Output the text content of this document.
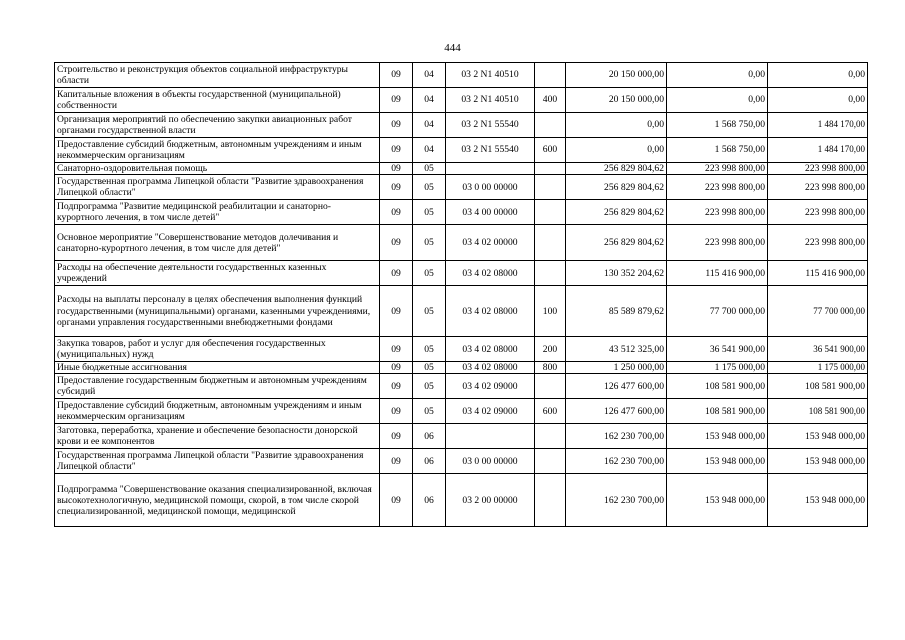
444
Строительство и реконструкция объектов социальной инфраструктуры области	09	04	03 2 N1 40510		20 150 000,00	0,00	0,00
Капитальные вложения в объекты государственной (муниципальной) собственности	09	04	03 2 N1 40510	400	20 150 000,00	0,00	0,00
Организация мероприятий по обеспечению закупки авиационных работ органами государственной власти	09	04	03 2 N1 55540		0,00	1 568 750,00	1 484 170,00
Предоставление субсидий бюджетным, автономным учреждениям и иным некоммерческим организациям	09	04	03 2 N1 55540	600	0,00	1 568 750,00	1 484 170,00
Санаторно-оздоровительная помощь	09	05			256 829 804,62	223 998 800,00	223 998 800,00
Государственная программа Липецкой области "Развитие здравоохранения Липецкой области"	09	05	03 0 00 00000		256 829 804,62	223 998 800,00	223 998 800,00
Подпрограмма "Развитие медицинской реабилитации и санаторно-курортного лечения, в том числе детей"	09	05	03 4 00 00000		256 829 804,62	223 998 800,00	223 998 800,00
Основное мероприятие "Совершенствование методов долечивания и санаторно-курортного лечения, в том числе для детей"	09	05	03 4 02 00000		256 829 804,62	223 998 800,00	223 998 800,00
Расходы на обеспечение деятельности государственных казенных учреждений	09	05	03 4 02 08000		130 352 204,62	115 416 900,00	115 416 900,00
Расходы на выплаты персоналу в целях обеспечения выполнения функций государственными (муниципальными) органами, казенными учреждениями, органами управления государственными внебюджетными фондами	09	05	03 4 02 08000	100	85 589 879,62	77 700 000,00	77 700 000,00
Закупка товаров, работ и услуг для обеспечения государственных (муниципальных) нужд	09	05	03 4 02 08000	200	43 512 325,00	36 541 900,00	36 541 900,00
Иные бюджетные ассигнования	09	05	03 4 02 08000	800	1 250 000,00	1 175 000,00	1 175 000,00
Предоставление государственным бюджетным и автономным учреждениям субсидий	09	05	03 4 02 09000		126 477 600,00	108 581 900,00	108 581 900,00
Предоставление субсидий бюджетным, автономным учреждениям и иным некоммерческим организациям	09	05	03 4 02 09000	600	126 477 600,00	108 581 900,00	108 581 900,00
Заготовка, переработка, хранение и обеспечение безопасности донорской крови и ее компонентов	09	06			162 230 700,00	153 948 000,00	153 948 000,00
Государственная программа Липецкой области "Развитие здравоохранения Липецкой области"	09	06	03 0 00 00000		162 230 700,00	153 948 000,00	153 948 000,00
Подпрограмма "Совершенствование оказания специализированной, включая высокотехнологичную, медицинской помощи, скорой, в том числе скорой специализированной, медицинской помощи, медицинской	09	06	03 2 00 00000		162 230 700,00	153 948 000,00	153 948 000,00
